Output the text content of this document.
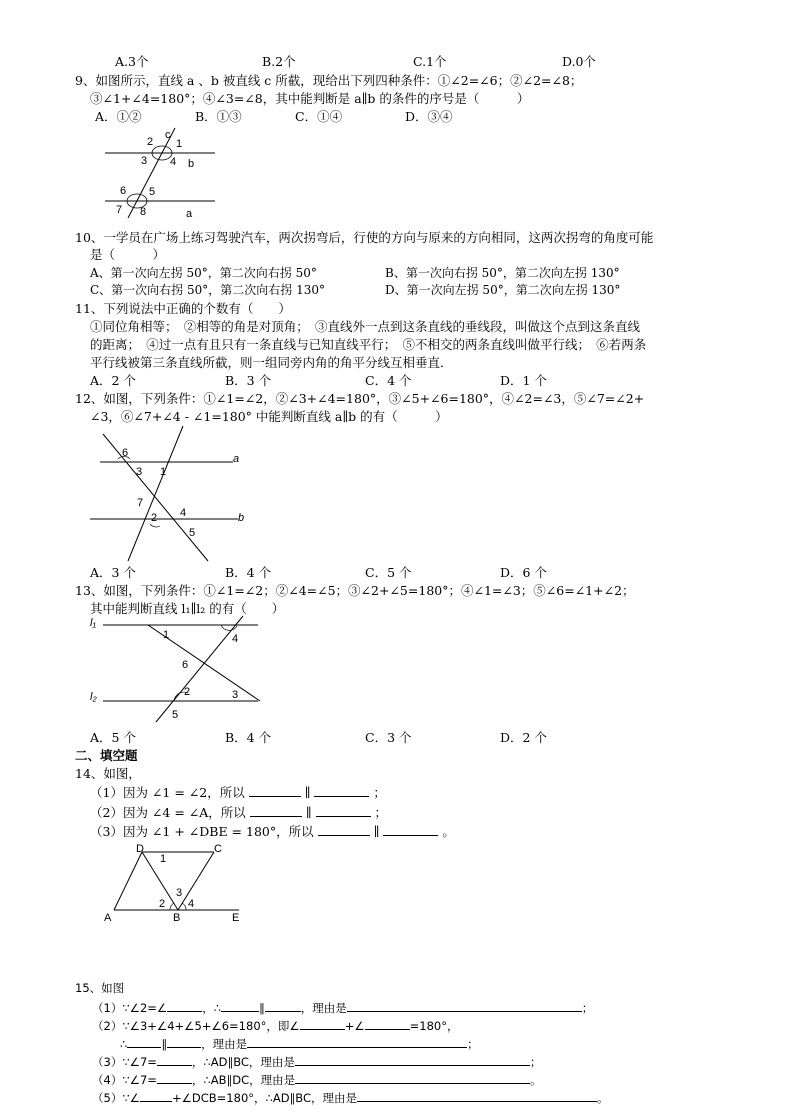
A.3个	B.2个	C.1个	D.0个
9、如图所示，直线 a 、b 被直线 c 所截，现给出下列四种条件：①∠2=∠6；②∠2=∠8；
③∠1+∠4=180°；④∠3=∠8，其中能判断是 a∥b 的条件的序号是（　　　）
A．①②	B．①③	C．①④	D．③④
2
c
1
3 4 b
6 5
7 8	a
10、一学员在广场上练习驾驶汽车，两次拐弯后，行使的方向与原来的方向相同，这两次拐弯的角度可能
是（　　　）
A、第一次向左拐 50°，第二次向右拐 50°	B、第一次向右拐 50°，第二次向左拐 130°
C、第一次向右拐 50°，第二次向右拐 130°	D、第一次向左拐 50°，第二次向左拐 130°
11、下列说法中正确的个数有（　　）
①同位角相等；　②相等的角是对顶角；　③直线外一点到这条直线的垂线段，叫做这个点到这条直线
的距离；　④过一点有且只有一条直线与已知直线平行；　⑤不相交的两条直线叫做平行线；　⑥若两条
平行线被第三条直线所截，则一组同旁内角的角平分线互相垂直．
A．2 个	B．3 个	C．4 个	D．1 个
12、如图，下列条件：①∠1=∠2，②∠3+∠4=180°，③∠5+∠6=180°，④∠2=∠3，⑤∠7=∠2+
∠3，⑥∠7+∠4 - ∠1=180° 中能判断直线 a∥b 的有（　　　）
6
3 1
a
7
4
2	b
5
A．3 个	B．4 个	C．5 个	D．6 个
13、如图，下列条件：①∠1=∠2；②∠4=∠5；③∠2+∠5=180°；④∠1=∠3；⑤∠6=∠1+∠2；
其中能判断直线 l₁∥l₂ 的有（　　）
l₁
1	4
6
l₂	2	3
5
A．5 个	B．4 个	C．3 个	D．2 个
二、填空题
14、如图，
（1）因为 ∠1 = ∠2，所以	∥	；
（2）因为 ∠4 = ∠A，所以	∥	；
（3）因为 ∠1 + ∠DBE = 180°，所以	∥	。
D
1
C
3
2 4
A	B	E
15、如图
（1）∵∠2=∠	，∴	∥	，理由是	；
（2）∵∠3+∠4+∠5+∠6=180°，即∠	+∠	=180°，
∴	∥	，理由是	；
（3）∵∠7=	，∴AD∥BC，理由是	；
（4）∵∠7=	，∴AB∥DC，理由是	。
（5）∵∠	+∠DCB=180°，∴AD∥BC，理由是	。
